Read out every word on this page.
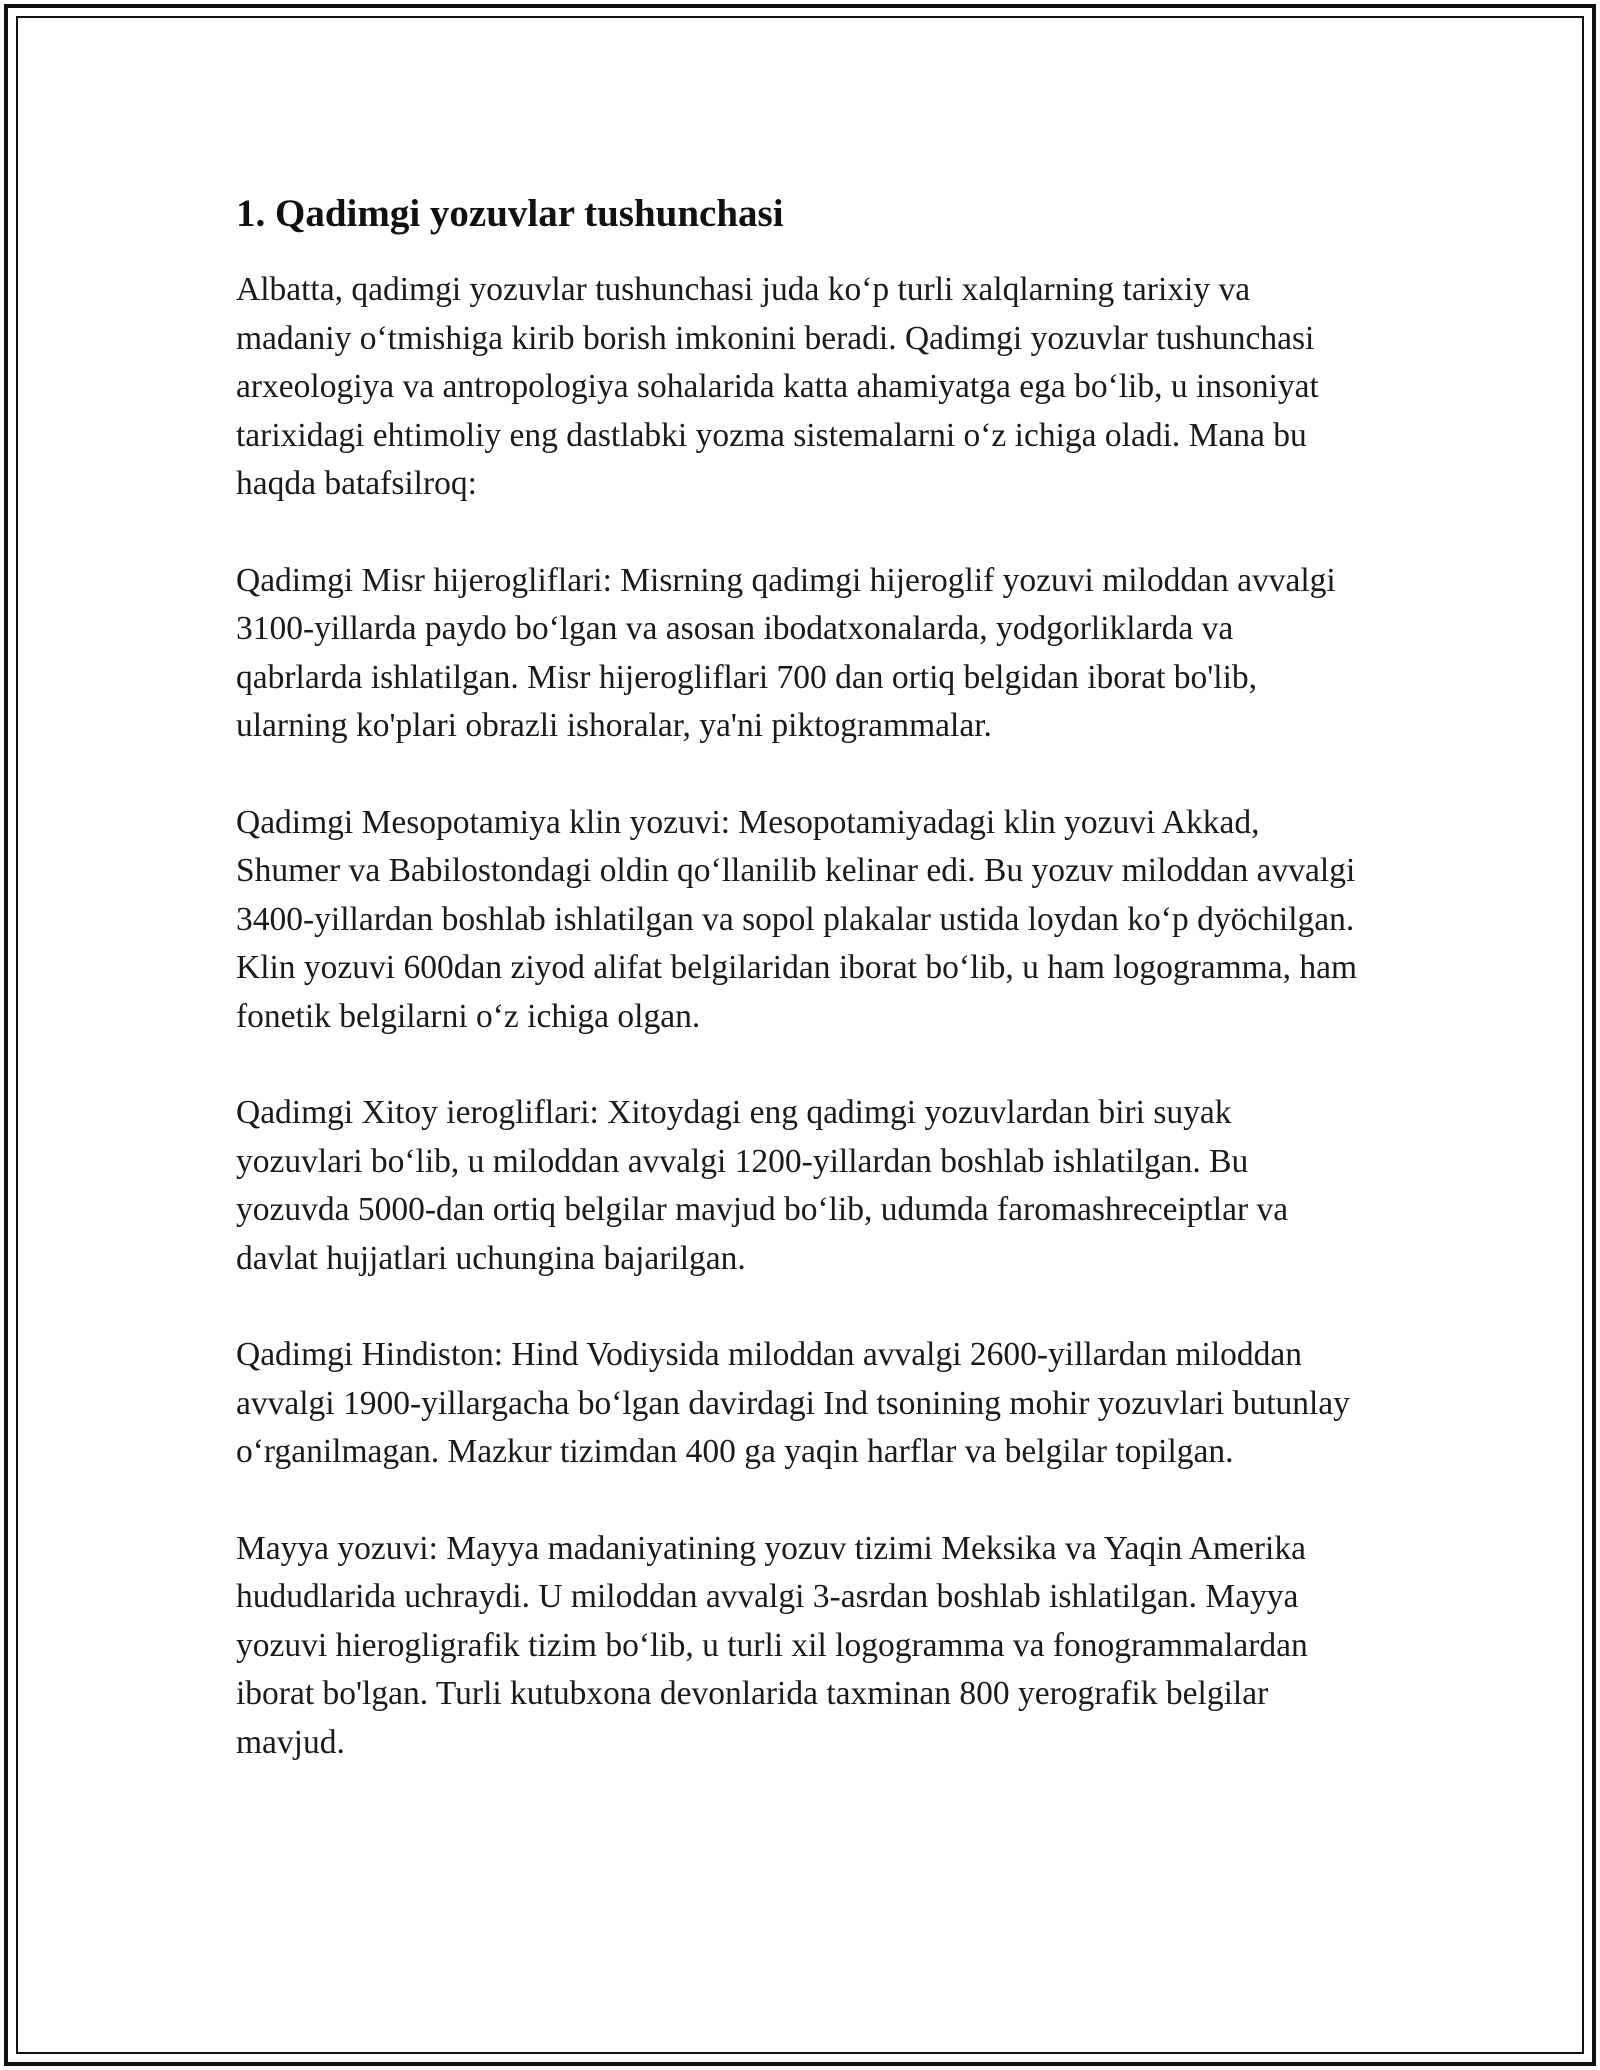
1. Qadimgi yozuvlar tushunchasi

Albatta, qadimgi yozuvlar tushunchasi juda ko‘p turli xalqlarning tarixiy va madaniy o‘tmishiga kirib borish imkonini beradi. Qadimgi yozuvlar tushunchasi arxeologiya va antropologiya sohalarida katta ahamiyatga ega bo‘lib, u insoniyat tarixidagi ehtimoliy eng dastlabki yozma sistemalarni o‘z ichiga oladi. Mana bu haqda batafsilroq:

Qadimgi Misr hijerogliflari: Misrning qadimgi hijeroglif yozuvi miloddan avvalgi 3100-yillarda paydo bo‘lgan va asosan ibodatxonalarda, yodgorliklarda va qabrlarda ishlatilgan. Misr hijerogliflari 700 dan ortiq belgidan iborat bo'lib, ularning ko'plari obrazli ishoralar, ya'ni piktogrammalar.

Qadimgi Mesopotamiya klin yozuvi: Mesopotamiyadagi klin yozuvi Akkad, Shumer va Babilostondagi oldin qo‘llanilib kelinar edi. Bu yozuv miloddan avvalgi 3400-yillardan boshlab ishlatilgan va sopol plakalar ustida loydan ko‘p dyöchilgan. Klin yozuvi 600dan ziyod alifat belgilaridan iborat bo‘lib, u ham logogramma, ham fonetik belgilarni o‘z ichiga olgan.

Qadimgi Xitoy ierogliflari: Xitoydagi eng qadimgi yozuvlardan biri suyak yozuvlari bo‘lib, u miloddan avvalgi 1200-yillardan boshlab ishlatilgan. Bu yozuvda 5000-dan ortiq belgilar mavjud bo‘lib, udumda faromashreceiptlar va davlat hujjatlari uchungina bajarilgan.

Qadimgi Hindiston: Hind Vodiysida miloddan avvalgi 2600-yillardan miloddan avvalgi 1900-yillargacha bo‘lgan davirdagi Ind tsonining mohir yozuvlari butunlay o‘rganilmagan. Mazkur tizimdan 400 ga yaqin harflar va belgilar topilgan.

Mayya yozuvi: Mayya madaniyatining yozuv tizimi Meksika va Yaqin Amerika hududlarida uchraydi. U miloddan avvalgi 3-asrdan boshlab ishlatilgan. Mayya yozuvi hierogligrafik tizim bo‘lib, u turli xil logogramma va fonogrammalardan iborat bo'lgan. Turli kutubxona devonlarida taxminan 800 yerografik belgilar mavjud.
